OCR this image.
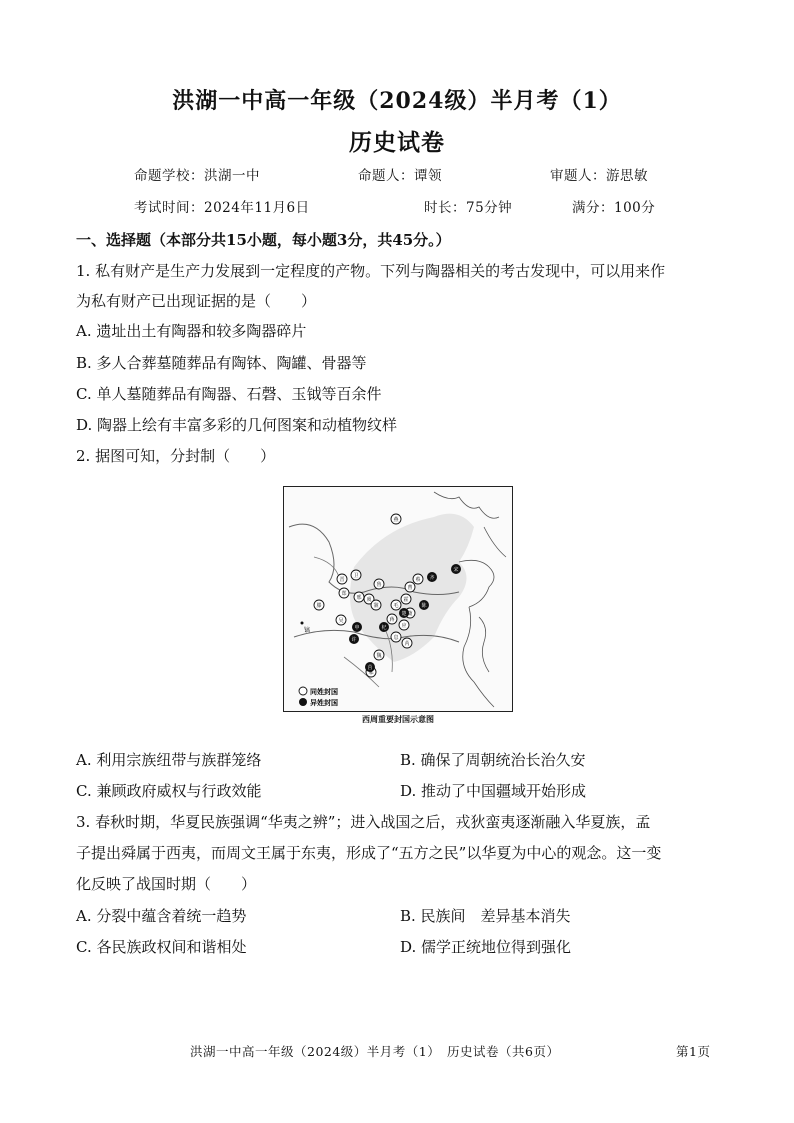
洪湖一中高一年级（2024级）半月考（1）
历史试卷
命题学校：洪湖一中	命题人：谭领	审题人：游思敏
考试时间：2024年11月6日	时长：75分钟	满分：100分
一、选择题（本部分共15小题，每小题3分，共45分。）
1. 私有财产是生产力发展到一定程度的产物。下列与陶器相关的考古发现中，可以用来作
为私有财产已出现证据的是（　　）
A. 遗址出土有陶器和较多陶器碎片
B. 多人合葬墓随葬品有陶钵、陶罐、骨器等
C. 单人墓随葬品有陶器、石磬、玉钺等百余件
D. 陶器上绘有丰富多彩的几何图案和动植物纹样
2. 据图可知，分封制（　　）
镐
同姓封国
异姓封国
燕
晋
卫
鲁	曹
蔡
郑
邢 虞
虢
霍
毛
随
应
蒋
滕
吴
魏
芮
息
邾
齐
宋
陈
杞
申
许
楚
莒
西周重要封国示意图
A. 利用宗族纽带与族群笼络	B. 确保了周朝统治长治久安
C. 兼顾政府威权与行政效能	D. 推动了中国疆域开始形成
3. 春秋时期，华夏民族强调“华夷之辨”；进入战国之后，戎狄蛮夷逐渐融入华夏族，孟
子提出舜属于西夷，而周文王属于东夷，形成了“五方之民”以华夏为中心的观念。这一变
化反映了战国时期（　　）
A. 分裂中蕴含着统一趋势	B. 民族间　差异基本消失
C. 各民族政权间和谐相处	D. 儒学正统地位得到强化
洪湖一中高一年级（2024级）半月考（1）　历史试卷（共6页）	第1页
